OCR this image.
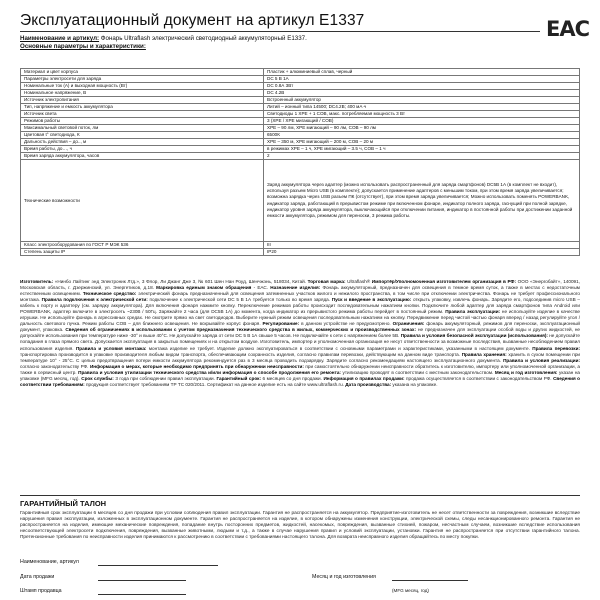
Эксплуатационный документ на артикул Е1337	EAC
Наименование и артикул: Фонарь Ultraflash электрический светодиодный аккумуляторный Е1337.
Основные параметры и характеристики:
Материал и цвет корпуса	Пластик + алюминиевый сплав, черный
Параметры электросети для заряда	DC 5 В 1А
Номинальные ток (А) и выходная мощность (Вт)	DC 0.8А 3Вт
Номинальное напряжение, В	DC 4.2В
Источник электропитания	Встроенный аккумулятор
Тип, напряжение и емкость аккумулятора	Литий – ионный типа 14500; DC4.2В; 400 мА·ч
Источник света	Светодиоды 1 XPE + 1 COB, макс. потребляемая мощность 3 Вт
Режимов работы	3 (XPE / XPE мигающий / COB)
Максимальный световой поток, лм	XPE – 90 лм, XPE мигающий – 90 лм, COB – 90 лм
Цветовая t° светодиода, К	6500К
Дальность действия – до.., м	XPE – 350 м, XPE мигающий – 200 м, COB – 20 м
Время работы, до…, ч	в режимах XPE – 1 ч, XPE мигающий – 3.5 ч, COB – 1 ч
Время заряда аккумулятора, часов	2
Технические возможности	Заряд аккумулятора через адаптер (можно использовать распространенный для заряда смартфонов) DC5В 1А (в комплект не входит), используя разъем Micro USB (в комплекте); допускается применение адаптеров с меньшим током, при этом время заряда увеличивается; возможна зарядка через USB разъем ПК (отсутствует), при этом время заряда увеличивается; Можно использовать поменять POWERBANK, индикатор заряда, работающий в прерывистом режиме при включенном фонаре, индикатор полного заряда, гаснущий при полной зарядке, индикатор уровня заряда аккумулятора, выключающийся при отключении питания, индикатор в постоянной работы при достижении заданной емкости аккумулятора, режимом для переноски, 3 режима работы.
Класс электрооборудования по ГОСТ Р МЭК 536	III
Степень защиты IP	IP20
Изготовитель: «Нинбо Лайтинг энд Электроник Лтд.», 3 Флор, Ли Джанг Дже 3, № 601 Шен Нан Роуд, Шенчжэнь, 518034, Китай. Торговая марка: Ultraflash® Импортёр/Уполномоченная изготовителем организация в РФ: ООО «Энергобайт», 140091, Московская область, г. Дзержинский, ул. Энергетиков, д.18. Маркировка единым знаком обращения - ЕАС. Назначение изделия: Фонарь аккумуляторный, предназначен для освещения в темное время суток, а также в местах с недостаточным естественным освещением. Техническое средство: электрический фонарь предназначенный для освещения затемненных участков жилого и нежилого пространства, в том числе при отключении электричества. Фонарь не требует профессионального монтажа. Правила подключения к электрической сети: подключение к электрической сети DC 5 В 1А требуется только во время заряда. Пуск и введение в эксплуатацию: открыть упаковку, извлечь фонарь. Зарядите его, подсоединив micro USB – кабель к порту и адаптеру (см. зарядку аккумулятора). Для включения фонаря нажмите кнопку. Переключение режимов работы происходит последовательным нажатием кнопки. Подключите любой адаптер для заряда смартфонов типа Android или POWERBANK, адаптер включите в электросеть ~230В / 50Гц. Заряжайте 2 часа (для DC5В 1А) до момента, когда индикатор из прерывистого режима работы перейдет в постоянный режим. Правила эксплуатации: не используйте изделие в качестве игрушки. Не используйте фонарь в агрессивных средах. Не смотрите прямо на свет светодиодов. Выберите нужный режим освещения последовательным нажатием на кнопку. Передвижение перед чистой частью фонаря вперед / назад регулируйте угол / дальность светового пучка. Режим работы COB – для ближнего освещения. Не вскрывайте корпус фонаря. Регулирование: в данном устройстве не предусмотрено. Ограничения: фонарь аккумуляторный, режимов для переноски, эксплуатационный документ, упаковка. Сведения об ограничениях в использовании с учетом предназначения технического средства в жилых, коммерческих и производственных зонах: не предназначен для эксплуатации особой воды и других жидкостей, не допускайте использования при температуре ниже -30° и выше 40°С. Не допускайте заряда от сети DC 5 В 1А свыше 5 часов. Не подключайте к сети с напряжением более 5В. Правила и условия безопасной эксплуатации (использования): не допускайте попадания в глаза прямого света. Допускается эксплуатация в закрытых помещениях и на открытом воздухе. Изготовитель, импортер и уполномоченная организация не несут ответственности за возможные последствия, вызванные несоблюдением правил использования изделия. Правила и условия монтажа: монтажа изделие не требует. Изделие должно эксплуатироваться в соответствии с основными параметрами и характеристиками, указанными в настоящем документе. Правила перевозки: транспортировка производится в упаковке производителя любым видом транспорта, обеспечивающим сохранность изделия, согласно правилам перевозки, действующим на данном виде транспорта. Правила хранения: хранить в сухом помещении при температуре 10° - 25°С. С целью предотвращения потери емкости аккумулятора рекомендуется раз в 3 месяца проводить подзарядку. Зарядите согласно рекомендациям настоящего эксплуатационного документа. Правила и условия реализации: согласно законодательству РФ. Информация о мерах, которые необходимо предпринять при обнаружении неисправности: при самостоятельно обнаружении неисправности обратитесь к изготовителю, импортеру или уполномоченной организации, а также в сервисный центр. Правила и условия утилизации технического средства и/или информация о способе продолжения его ремонта: утилизацию проводят в соответствии с местным законодательством. Месяц и год изготовления: указан на упаковке (MFG месяц, год). Срок службы: 3 года при соблюдении правил эксплуатации. Гарантийный срок: 6 месяцев со дня продажи. Информация о правилах продажи: продажа осуществляется в соответствии с законодательством РФ. Сведения о соответствии требованиям: продукция соответствует требованиям ТР ТС 020/2011. Сертификат на данное изделие есть на сайте www.ultraflash.ru. Дата производства: указана на упаковке.
ГАРАНТИЙНЫЙ ТАЛОН
Гарантийный срок эксплуатации 6 месяцев со дня продажи при условии соблюдения правил эксплуатации. Гарантия не распространяется на аккумулятор. Предприятие-изготовитель не несет ответственности за повреждения, возникшие вследствие нарушения правил эксплуатации, изложенных в эксплуатационном документе. Гарантия не распространяется на изделие, в котором обнаружены изменения конструкции, электрической схемы, следы несанкционированного ремонта. Гарантия не распространяется на изделия, имеющие механические повреждения, попадание внутрь посторонних предметов, жидкостей, насекомых, повреждения, вызванные стихией, пожаром, несчастным случаем, возникшие вследствие использования несоответствующей электросети подключения, повреждения, вызванные животными, людьми и т.д., а также в случае нарушения правил и условий эксплуатации, установки. Гарантия не распространяется при отсутствии гарантийного талона. Претензионные требования по неисправности изделия принимаются к рассмотрению в соответствии с требованиями настоящего талона. Для возврата неисправного изделия обращайтесь по месту покупки.
Наименование, артикул
Дата продажи	Месяц и год изготовления
Штамп продавца	(MFG месяц, год)
